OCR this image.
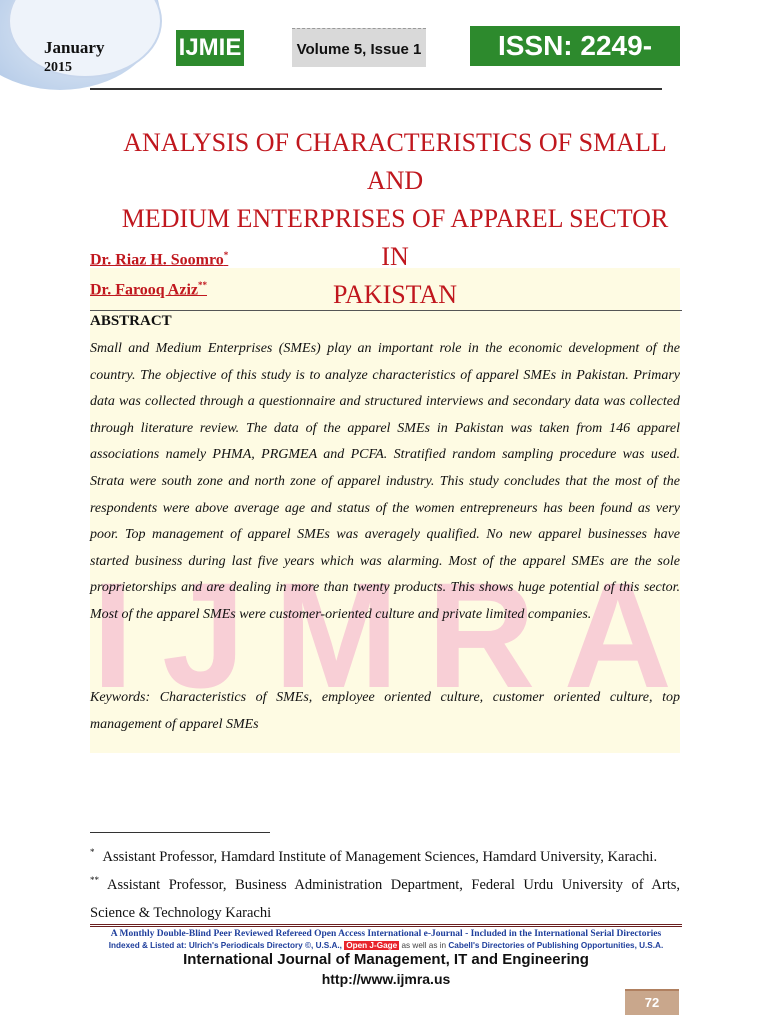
I J M R A
January
2015
IJMIE	Volume 5, Issue 1	ISSN: 2249-0558
ANALYSIS OF CHARACTERISTICS OF SMALL AND
MEDIUM ENTERPRISES OF APPAREL SECTOR IN
PAKISTAN
Dr. Riaz H. Soomro*
Dr. Farooq Aziz**
ABSTRACT
Small and Medium Enterprises (SMEs) play an important role in the economic development of the country. The objective of this study is to analyze characteristics of apparel SMEs in Pakistan. Primary data was collected through a questionnaire and structured interviews and secondary data was collected through literature review. The data of the apparel SMEs in Pakistan was taken from 146 apparel associations namely PHMA, PRGMEA and PCFA. Stratified random sampling procedure was used. Strata were south zone and north zone of apparel industry. This study concludes that the most of the respondents were above average age and status of the women entrepreneurs has been found as very poor. Top management of apparel SMEs was averagely qualified. No new apparel businesses have started business during last five years which was alarming. Most of the apparel SMEs are the sole proprietorships and are dealing in more than twenty products. This shows huge potential of this sector. Most of the apparel SMEs were customer-oriented culture and private limited companies.
Keywords: Characteristics of SMEs, employee oriented culture, customer oriented culture, top management of apparel SMEs
* Assistant Professor, Hamdard Institute of Management Sciences, Hamdard University, Karachi.
** Assistant Professor, Business Administration Department, Federal Urdu University of Arts, Science & Technology Karachi
A Monthly Double-Blind Peer Reviewed Refereed Open Access International e-Journal - Included in the International Serial Directories
Indexed & Listed at: Ulrich's Periodicals Directory ©, U.S.A., Open J-Gage as well as in Cabell's Directories of Publishing Opportunities, U.S.A.
International Journal of Management, IT and Engineering
http://www.ijmra.us
72
